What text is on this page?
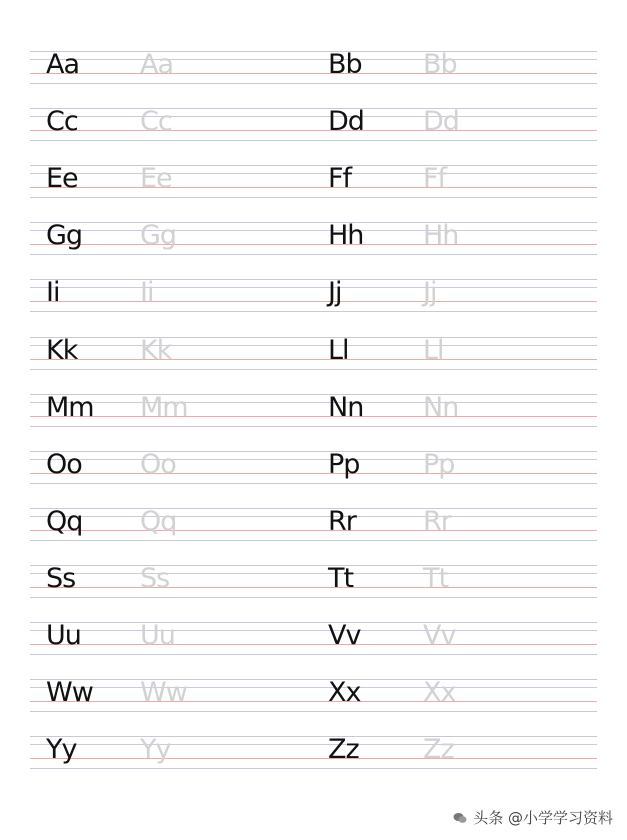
Aa Aa	Bb Bb
Cc Cc	Dd Dd
Ee Ee	Ff	Ff
Gg Gg	Hh Hh
Ii	Ii	Jj	Jj
Kk Kk	Ll	Ll
Mm Mm	Nn Nn
Oo Oo	Pp Pp
Qq Qq	Rr Rr
Ss Ss	Tt	Tt
Uu Uu	Vv Vv
Ww Ww	Xx Xx
Yy Yy	Zz Zz
头条 @小学学习资料
